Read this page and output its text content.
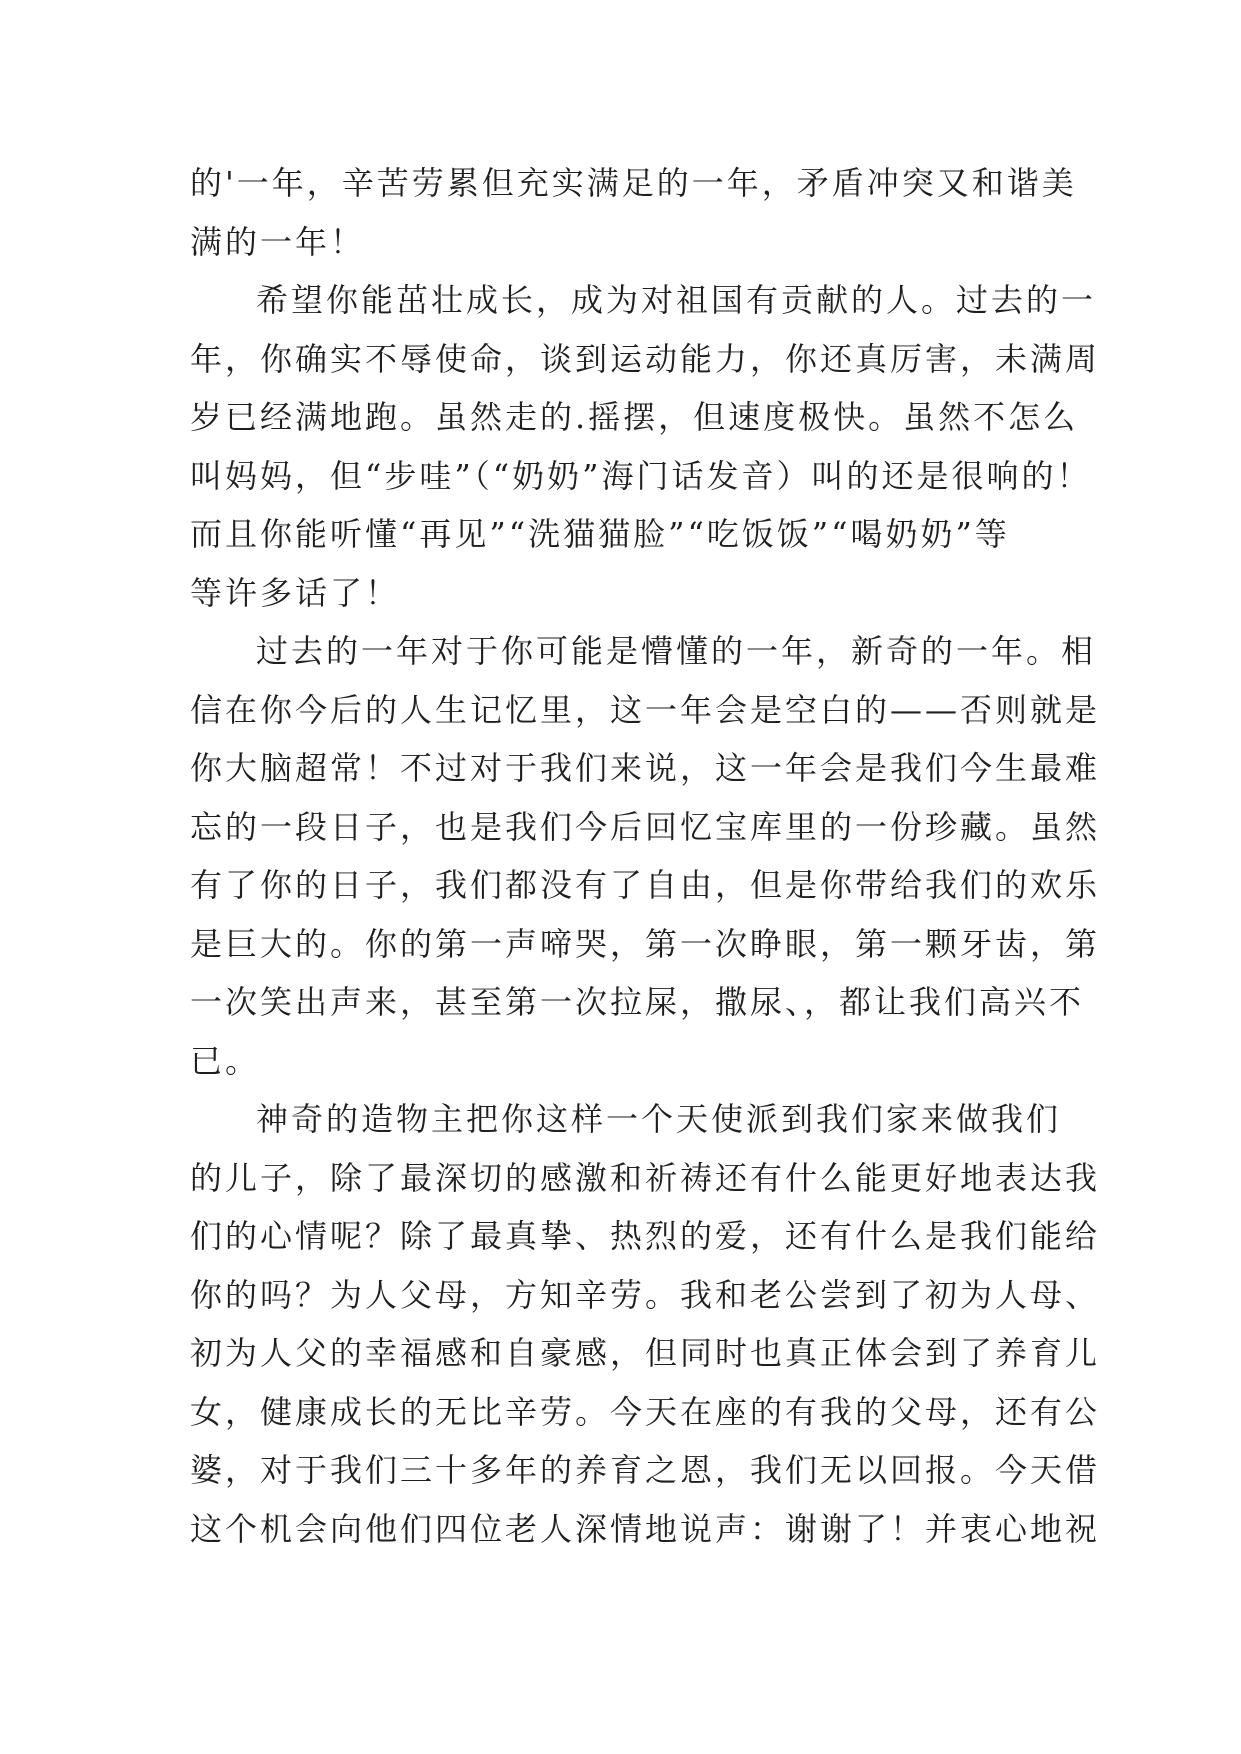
的'一年，辛苦劳累但充实满足的一年，矛盾冲突又和谐美
满的一年！
希望你能茁壮成长，成为对祖国有贡献的人。过去的一
年，你确实不辱使命，谈到运动能力，你还真厉害，未满周
岁已经满地跑。虽然走的.摇摆，但速度极快。虽然不怎么
叫妈妈，但“步哇”（“奶奶”海门话发音）叫的还是很响的！
而且你能听懂“再见”“洗猫猫脸”“吃饭饭”“喝奶奶”等
等许多话了！
过去的一年对于你可能是懵懂的一年，新奇的一年。相
信在你今后的人生记忆里，这一年会是空白的——否则就是
你大脑超常！不过对于我们来说，这一年会是我们今生最难
忘的一段日子，也是我们今后回忆宝库里的一份珍藏。虽然
有了你的日子，我们都没有了自由，但是你带给我们的欢乐
是巨大的。你的第一声啼哭，第一次睁眼，第一颗牙齿，第
一次笑出声来，甚至第一次拉屎，撒尿、，都让我们高兴不
已。
神奇的造物主把你这样一个天使派到我们家来做我们
的儿子，除了最深切的感激和祈祷还有什么能更好地表达我
们的心情呢？除了最真挚、热烈的爱，还有什么是我们能给
你的吗？为人父母，方知辛劳。我和老公尝到了初为人母、
初为人父的幸福感和自豪感，但同时也真正体会到了养育儿
女，健康成长的无比辛劳。今天在座的有我的父母，还有公
婆，对于我们三十多年的养育之恩，我们无以回报。今天借
这个机会向他们四位老人深情地说声：谢谢了！并衷心地祝
